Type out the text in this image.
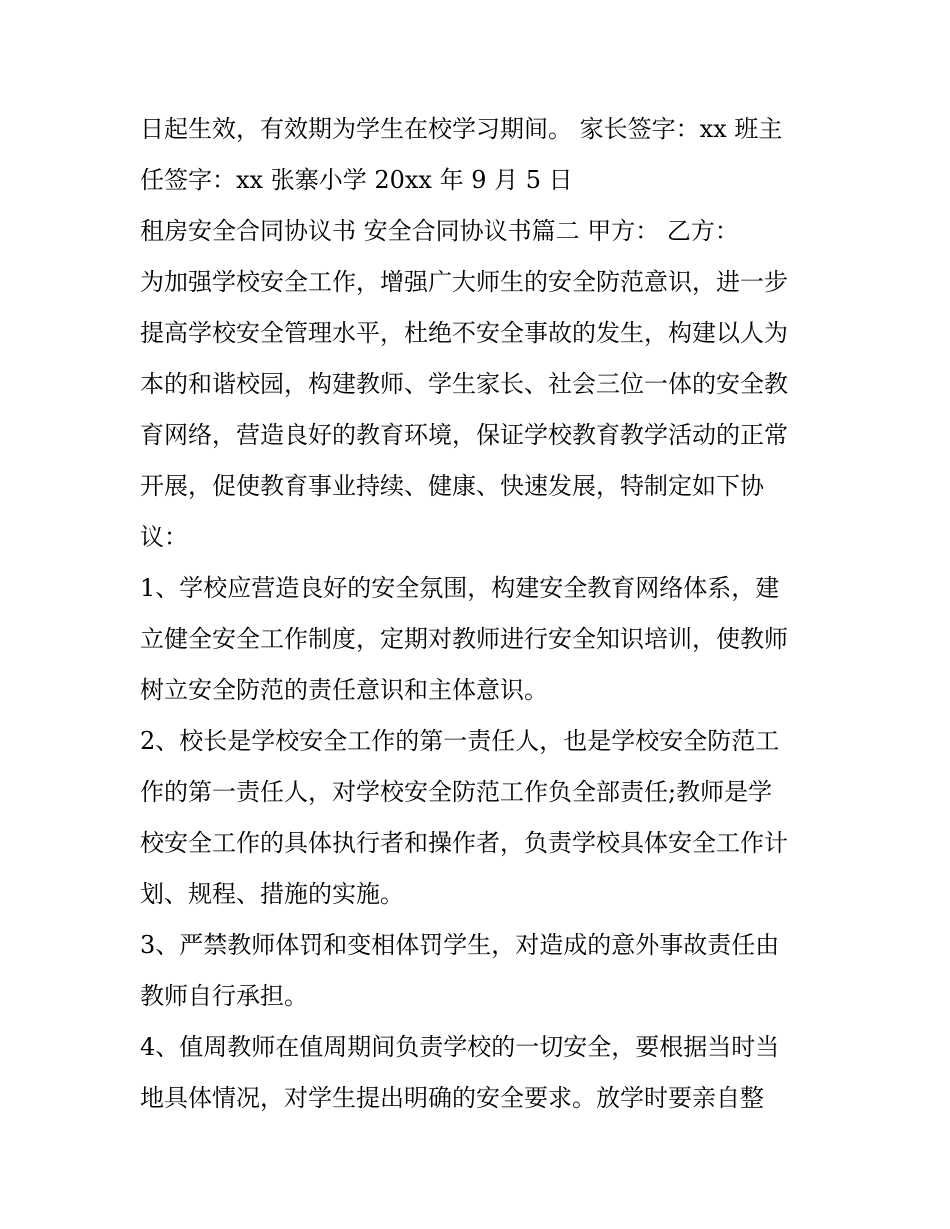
日起生效，有效期为学生在校学习期间。 家长签字：xx 班主
任签字：xx 张寨小学 20xx 年 9 月 5 日
租房安全合同协议书 安全合同协议书篇二 甲方： 乙方：
为加强学校安全工作，增强广大师生的安全防范意识，进一步
提高学校安全管理水平，杜绝不安全事故的发生，构建以人为
本的和谐校园，构建教师、学生家长、社会三位一体的安全教
育网络，营造良好的教育环境，保证学校教育教学活动的正常
开展，促使教育事业持续、健康、快速发展，特制定如下协
议：
1、学校应营造良好的安全氛围，构建安全教育网络体系，建
立健全安全工作制度，定期对教师进行安全知识培训，使教师
树立安全防范的责任意识和主体意识。
2、校长是学校安全工作的第一责任人，也是学校安全防范工
作的第一责任人，对学校安全防范工作负全部责任;教师是学
校安全工作的具体执行者和操作者，负责学校具体安全工作计
划、规程、措施的实施。
3、严禁教师体罚和变相体罚学生，对造成的意外事故责任由
教师自行承担。
4、值周教师在值周期间负责学校的一切安全，要根据当时当
地具体情况，对学生提出明确的安全要求。放学时要亲自整
